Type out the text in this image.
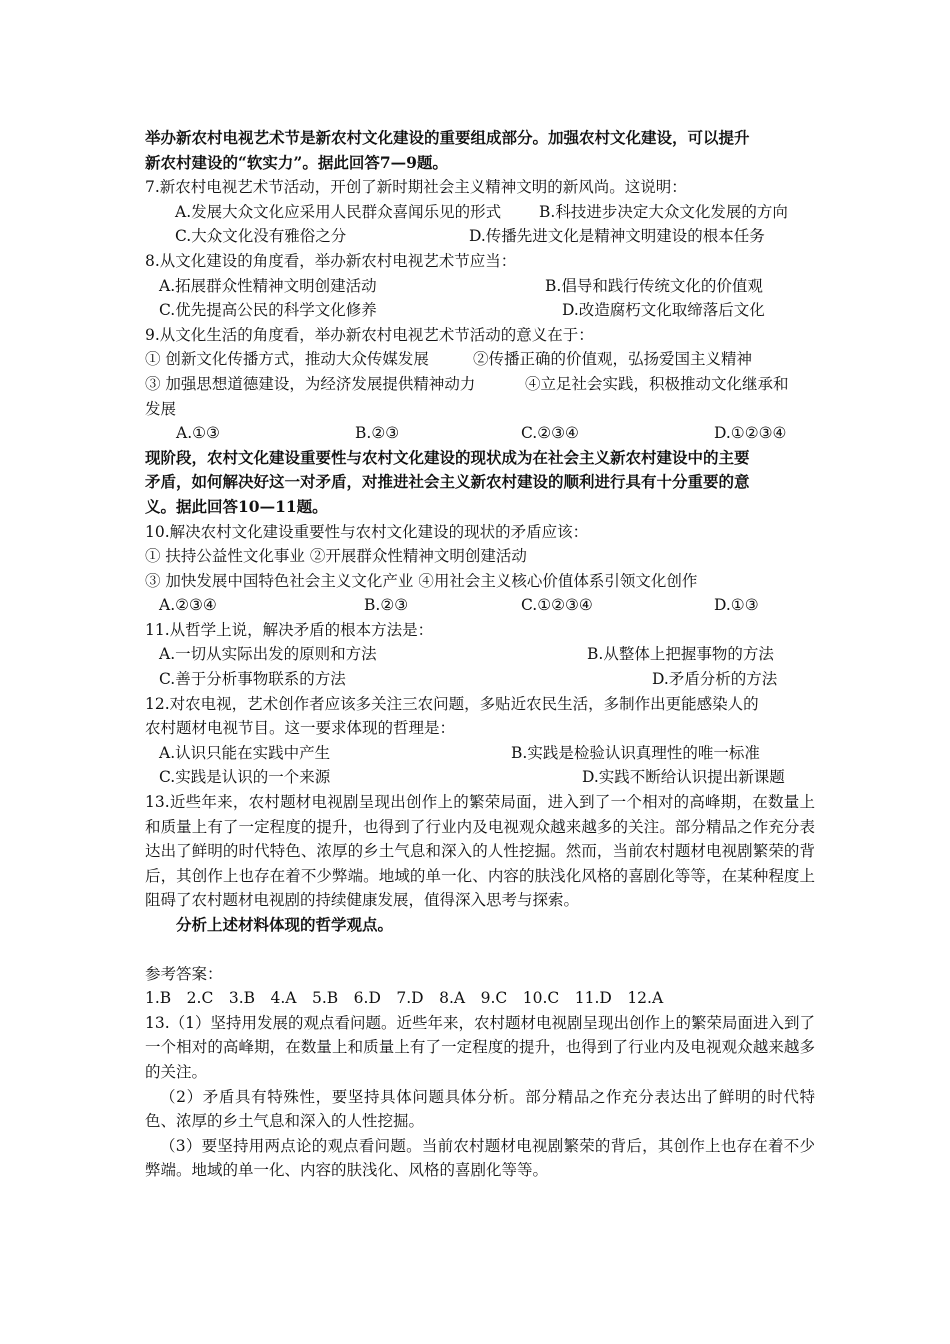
举办新农村电视艺术节是新农村文化建设的重要组成部分。加强农村文化建设，可以提升
新农村建设的“软实力”。据此回答7—9题。
7.新农村电视艺术节活动，开创了新时期社会主义精神文明的新风尚。这说明：
A.发展大众文化应采用人民群众喜闻乐见的形式 B.科技进步决定大众文化发展的方向
C.大众文化没有雅俗之分	D.传播先进文化是精神文明建设的根本任务
8.从文化建设的角度看，举办新农村电视艺术节应当：
A.拓展群众性精神文明创建活动	B.倡导和践行传统文化的价值观
C.优先提高公民的科学文化修养	D.改造腐朽文化取缔落后文化
9.从文化生活的角度看，举办新农村电视艺术节活动的意义在于：
① 创新文化传播方式，推动大众传媒发展	②传播正确的价值观，弘扬爱国主义精神
③ 加强思想道德建设，为经济发展提供精神动力	④立足社会实践，积极推动文化继承和
发展
A.①③	B.②③	C.②③④	D.①②③④
现阶段，农村文化建设重要性与农村文化建设的现状成为在社会主义新农村建设中的主要
矛盾，如何解决好这一对矛盾，对推进社会主义新农村建设的顺利进行具有十分重要的意
义。据此回答10—11题。
10.解决农村文化建设重要性与农村文化建设的现状的矛盾应该：
① 扶持公益性文化事业 ②开展群众性精神文明创建活动
③ 加快发展中国特色社会主义文化产业 ④用社会主义核心价值体系引领文化创作
A.②③④	B.②③	C.①②③④	D.①③
11.从哲学上说，解决矛盾的根本方法是：
A.一切从实际出发的原则和方法	B.从整体上把握事物的方法
C.善于分析事物联系的方法	D.矛盾分析的方法
12.对农电视，艺术创作者应该多关注三农问题，多贴近农民生活，多制作出更能感染人的
农村题材电视节目。这一要求体现的哲理是：
A.认识只能在实践中产生	B.实践是检验认识真理性的唯一标准
C.实践是认识的一个来源	D.实践不断给认识提出新课题
13.近些年来，农村题材电视剧呈现出创作上的繁荣局面，进入到了一个相对的高峰期，在数量上和质量上有了一定程度的提升，也得到了行业内及电视观众越来越多的关注。部分精品之作充分表达出了鲜明的时代特色、浓厚的乡土气息和深入的人性挖掘。然而，当前农村题材电视剧繁荣的背后，其创作上也存在着不少弊端。地域的单一化、内容的肤浅化风格的喜剧化等等，在某种程度上阻碍了农村题材电视剧的持续健康发展，值得深入思考与探索。
分析上述材料体现的哲学观点。
参考答案：
1.B　2.C　3.B　4.A　5.B　6.D　7.D　8.A　9.C　10.C　11.D　12.A
13.（1）坚持用发展的观点看问题。近些年来，农村题材电视剧呈现出创作上的繁荣局面进入到了一个相对的高峰期，在数量上和质量上有了一定程度的提升，也得到了行业内及电视观众越来越多的关注。
（2）矛盾具有特殊性，要坚持具体问题具体分析。部分精品之作充分表达出了鲜明的时代特色、浓厚的乡土气息和深入的人性挖掘。
（3）要坚持用两点论的观点看问题。当前农村题材电视剧繁荣的背后，其创作上也存在着不少弊端。地域的单一化、内容的肤浅化、风格的喜剧化等等。
